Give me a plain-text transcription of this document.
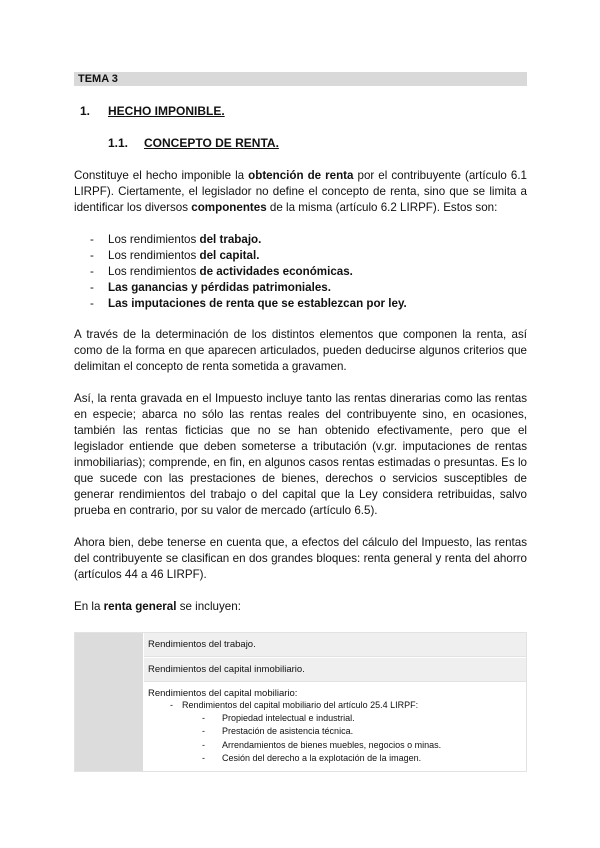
TEMA 3
1. HECHO IMPONIBLE.
1.1. CONCEPTO DE RENTA.
Constituye el hecho imponible la obtención de renta por el contribuyente (artículo 6.1 LIRPF). Ciertamente, el legislador no define el concepto de renta, sino que se limita a identificar los diversos componentes de la misma (artículo 6.2 LIRPF). Estos son:
- Los rendimientos del trabajo.
- Los rendimientos del capital.
- Los rendimientos de actividades económicas.
- Las ganancias y pérdidas patrimoniales.
- Las imputaciones de renta que se establezcan por ley.
A través de la determinación de los distintos elementos que componen la renta, así como de la forma en que aparecen articulados, pueden deducirse algunos criterios que delimitan el concepto de renta sometida a gravamen.
Así, la renta gravada en el Impuesto incluye tanto las rentas dinerarias como las rentas en especie; abarca no sólo las rentas reales del contribuyente sino, en ocasiones, también las rentas ficticias que no se han obtenido efectivamente, pero que el legislador entiende que deben someterse a tributación (v.gr. imputaciones de rentas inmobiliarias); comprende, en fin, en algunos casos rentas estimadas o presuntas. Es lo que sucede con las prestaciones de bienes, derechos o servicios susceptibles de generar rendimientos del trabajo o del capital que la Ley considera retribuidas, salvo prueba en contrario, por su valor de mercado (artículo 6.5).
Ahora bien, debe tenerse en cuenta que, a efectos del cálculo del Impuesto, las rentas del contribuyente se clasifican en dos grandes bloques: renta general y renta del ahorro (artículos 44 a 46 LIRPF).
En la renta general se incluyen:
Rendimientos del trabajo.
Rendimientos del capital inmobiliario.
Rendimientos del capital mobiliario:
- Rendimientos del capital mobiliario del artículo 25.4 LIRPF:
- Propiedad intelectual e industrial.
- Prestación de asistencia técnica.
- Arrendamientos de bienes muebles, negocios o minas.
- Cesión del derecho a la explotación de la imagen.
